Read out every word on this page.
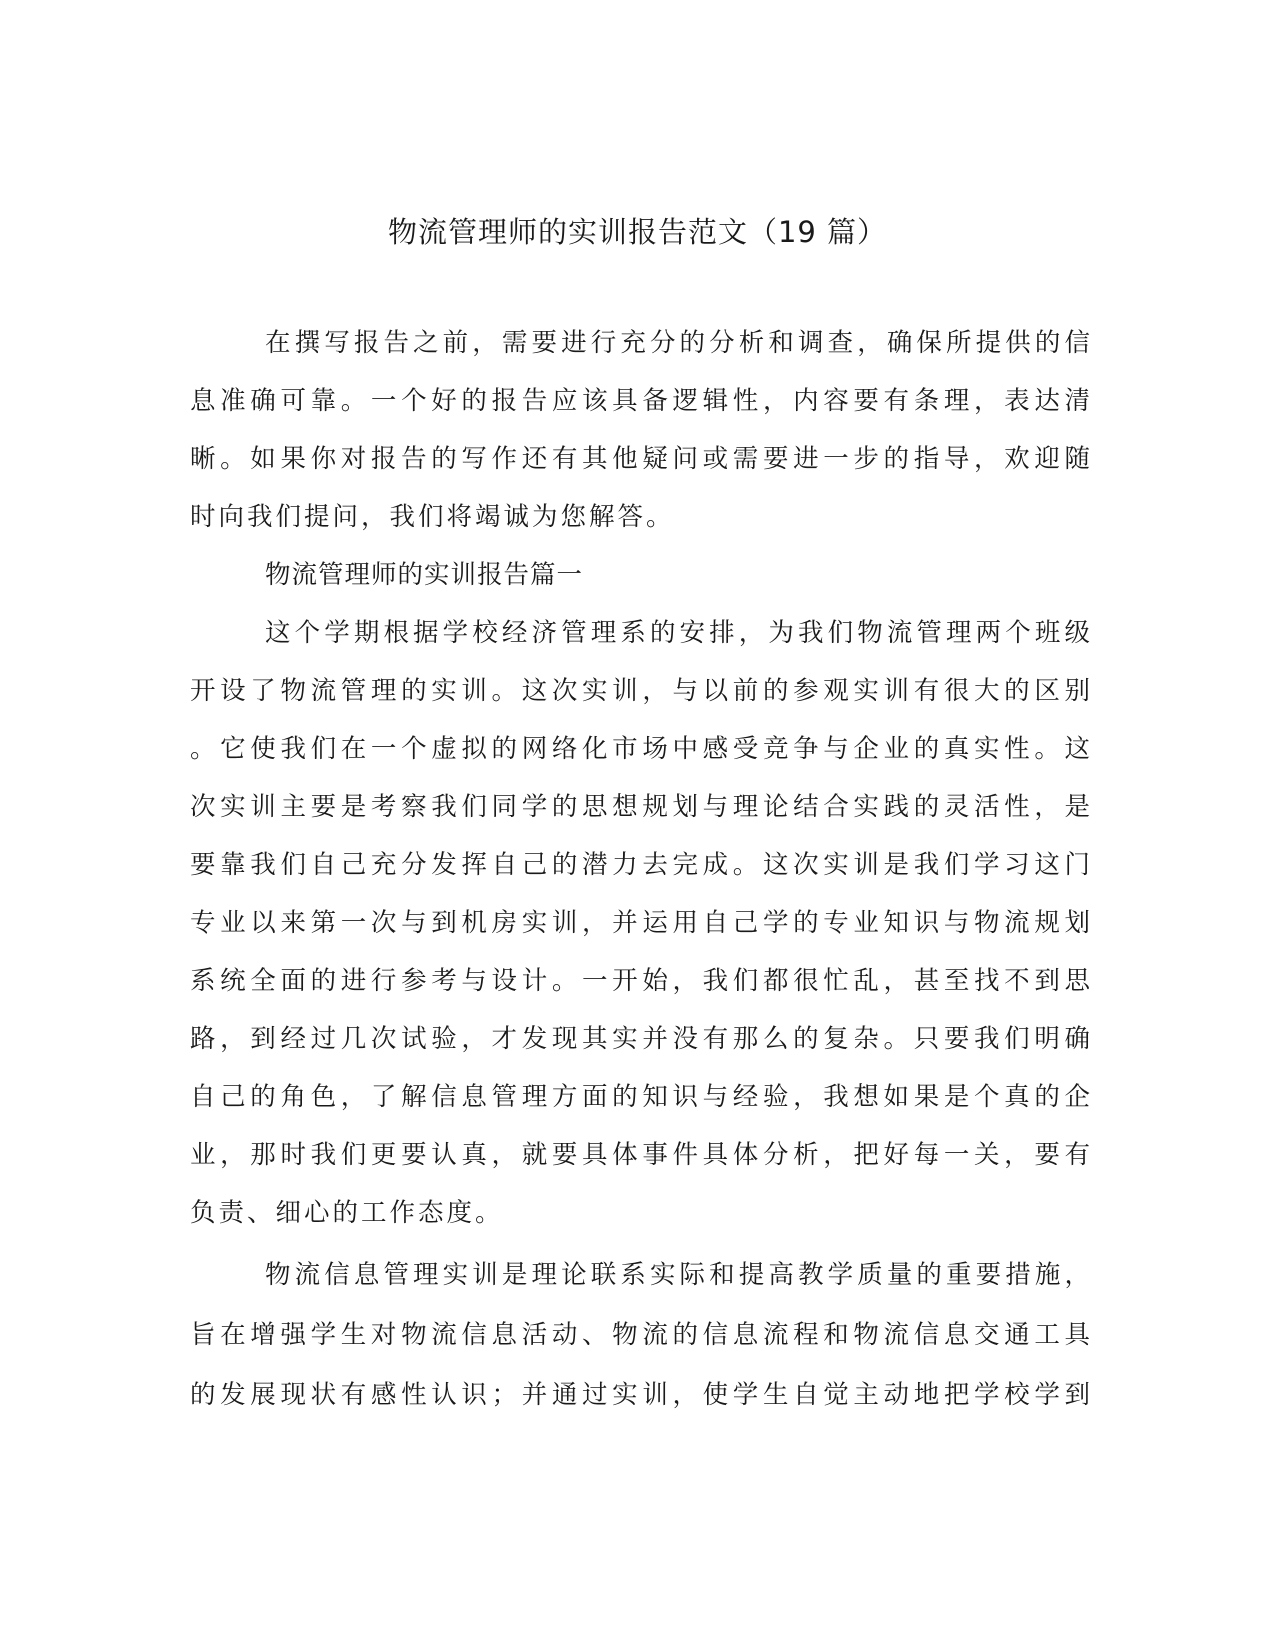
物流管理师的实训报告范文（19 篇）
在撰写报告之前，需要进行充分的分析和调查，确保所提供的信
息准确可靠。一个好的报告应该具备逻辑性，内容要有条理，表达清
晰。如果你对报告的写作还有其他疑问或需要进一步的指导，欢迎随
时向我们提问，我们将竭诚为您解答。
物流管理师的实训报告篇一
这个学期根据学校经济管理系的安排，为我们物流管理两个班级
开设了物流管理的实训。这次实训，与以前的参观实训有很大的区别
。它使我们在一个虚拟的网络化市场中感受竞争与企业的真实性。这
次实训主要是考察我们同学的思想规划与理论结合实践的灵活性，是
要靠我们自己充分发挥自己的潜力去完成。这次实训是我们学习这门
专业以来第一次与到机房实训，并运用自己学的专业知识与物流规划
系统全面的进行参考与设计。一开始，我们都很忙乱，甚至找不到思
路，到经过几次试验，才发现其实并没有那么的复杂。只要我们明确
自己的角色，了解信息管理方面的知识与经验，我想如果是个真的企
业，那时我们更要认真，就要具体事件具体分析，把好每一关，要有
负责、细心的工作态度。
物流信息管理实训是理论联系实际和提高教学质量的重要措施，
旨在增强学生对物流信息活动、物流的信息流程和物流信息交通工具
的发展现状有感性认识；并通过实训，使学生自觉主动地把学校学到
